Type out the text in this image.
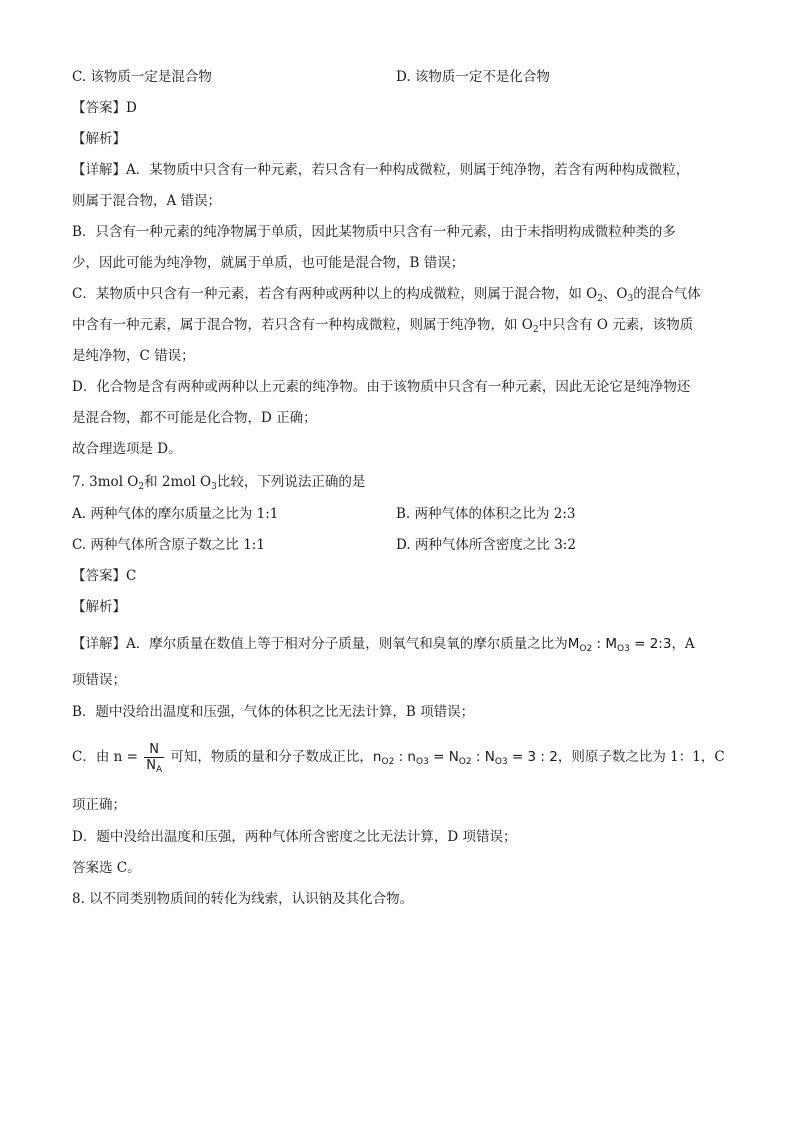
C. 该物质一定是混合物	D. 该物质一定不是化合物
【答案】D
【解析】
【详解】A．某物质中只含有一种元素，若只含有一种构成微粒，则属于纯净物，若含有两种构成微粒，
则属于混合物，A 错误；
B．只含有一种元素的纯净物属于单质，因此某物质中只含有一种元素，由于未指明构成微粒种类的多
少，因此可能为纯净物，就属于单质，也可能是混合物，B 错误；
C．某物质中只含有一种元素，若含有两种或两种以上的构成微粒，则属于混合物，如 $O_2$、$O_3$的混合气体
中含有一种元素，属于混合物，若只含有一种构成微粒，则属于纯净物，如 $O_2$中只含有 O 元素，该物质
是纯净物，C 错误；
D．化合物是含有两种或两种以上元素的纯净物。由于该物质中只含有一种元素，因此无论它是纯净物还
是混合物，都不可能是化合物，D 正确；
故合理选项是 D。
7. 3mol $O_2$和 2mol $O_3$比较，下列说法正确的是
A. 两种气体的摩尔质量之比为 1:1	B. 两种气体的体积之比为 2:3
C. 两种气体所含原子数之比 1:1	D. 两种气体所含密度之比 3:2
【答案】C
【解析】
【详解】A．摩尔质量在数值上等于相对分子质量，则氧气和臭氧的摩尔质量之比为$M_{O2}$ : $M_{O3}$ = 2:3，A
项错误；
B．题中没给出温度和压强，气体的体积之比无法计算，B 项错误；
C．由 $n = \frac{N}{N_A}$ 可知，物质的量和分子数成正比，$n_{O2}$ : $n_{O3} = N_{O2}$ : $N_{O3} = 3$ : 2，则原子数之比为 1：1，C
项正确；
D．题中没给出温度和压强，两种气体所含密度之比无法计算，D 项错误；
答案选 C。
8. 以不同类别物质间的转化为线索，认识钠及其化合物。
